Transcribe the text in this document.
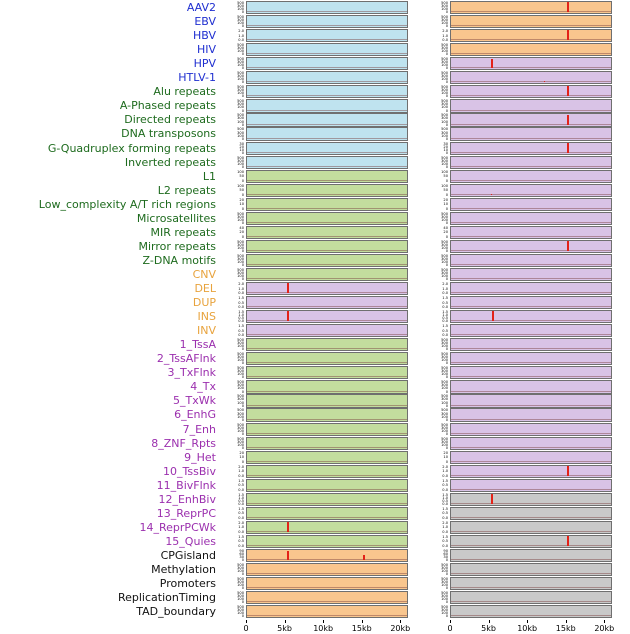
AAV2
EBV
HBV
HIV
HPV
HTLV-1
Alu repeats
A-Phased repeats
Directed repeats
DNA transposons
G-Quadruplex forming repeats
Inverted repeats
L1
L2 repeats
Low_complexity A/T rich regions
Microsatellites
MIR repeats
Mirror repeats
Z-DNA motifs
CNV
DEL
DUP
INS
INV
1_TssA
2_TssAFlnk
3_TxFlnk
4_Tx
5_TxWk
6_EnhG
7_Enh
8_ZNF_Rpts
9_Het
10_TssBiv
11_BivFlnk
12_EnhBiv
13_ReprPC
14_ReprPCWk
15_Quies
CPGisland
Methylation
Promoters
ReplicationTiming
TAD_boundary
500
300
100
0
500
300
100
0
2.0
1.0
0.0
500
300
100
0
500
300
100
0
500
300
100
0
500
300
100
0
500
300
100
0
500
300
100
0
500
300
100
0
30
20
10
0
500
300
100
0
100
50
0
100
50
0
20
10
0
500
300
100
0
40
20
0
500
300
100
0
500
300
100
0
500
300
100
0
2.0
1.0
0.0
1.5
0.5
0.0
1.5
1.0
0.5
0.0
1.5
0.5
0.0
500
300
100
0
500
300
100
0
500
300
100
0
500
300
100
0
500
300
100
0
500
300
100
0
500
300
100
0
500
300
100
0
20
10
0
2.0
1.0
0.0
1.5
0.5
0.0
1.5
1.0
0.5
0.0
1.5
0.5
0.0
2.0
1.0
0.0
1.5
0.5
0.0
90
60
30
0
500
300
100
0
500
300
100
0
500
300
100
0
500
300
100
0
0	5kb	10kb 15kb 20kb
500
300
100
0
500
300
100
0
2.0
1.0
0.0
500
300
100
0
500
300
100
0
500
300
100
0
500
300
100
0
500
300
100
0
500
300
100
0
500
300
100
0
30
20
10
0
500
300
100
0
100
50
0
100
50
0
20
10
0
500
300
100
0
40
20
0
500
300
100
0
500
300
100
0
500
300
100
0
2.0
1.0
0.0
1.5
0.5
0.0
1.5
1.0
0.5
0.0
1.5
0.5
0.0
500
300
100
0
500
300
100
0
500
300
100
0
500
300
100
0
500
300
100
0
500
300
100
0
500
300
100
0
500
300
100
0
20
10
0
2.0
1.0
0.0
1.5
0.5
0.0
1.5
1.0
0.5
0.0
1.5
0.5
0.0
2.0
1.0
0.0
1.5
0.5
0.0
90
60
30
0
500
300
100
0
500
300
100
0
500
300
100
0
500
300
100
0
0	5kb	10kb 15kb 20kb
